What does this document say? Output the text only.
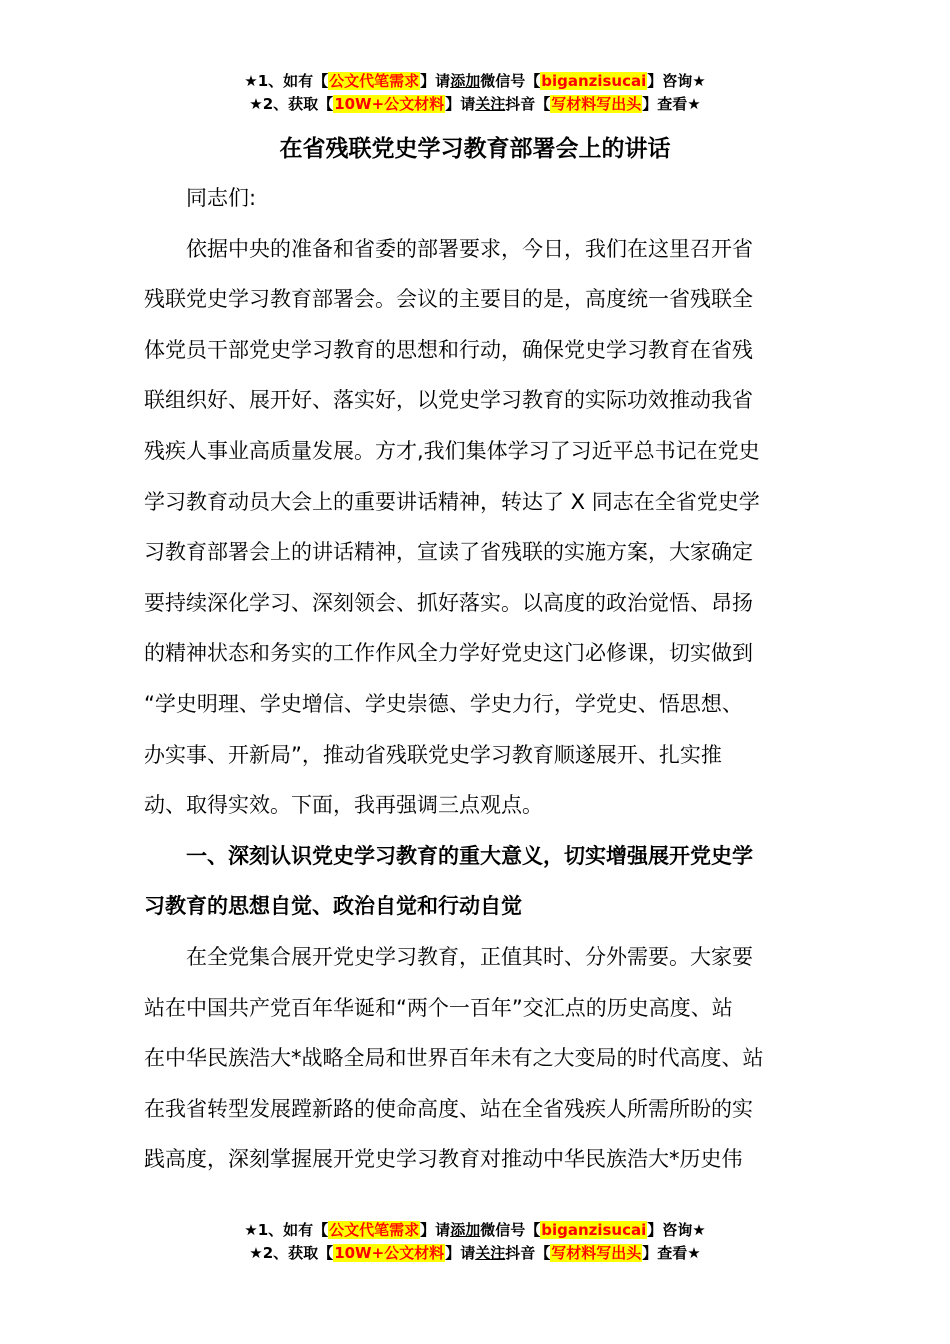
★1、如有【公文代笔需求】请添加微信号【biganzisucai】咨询★
★2、获取【10W+公文材料】请关注抖音【写材料写出头】查看★
在省残联党史学习教育部署会上的讲话
　　同志们:
　　依据中央的准备和省委的部署要求，今日，我们在这里召开省
残联党史学习教育部署会。会议的主要目的是，高度统一省残联全
体党员干部党史学习教育的思想和行动，确保党史学习教育在省残
联组织好、展开好、落实好，以党史学习教育的实际功效推动我省
残疾人事业高质量发展。方才,我们集体学习了习近平总书记在党史
学习教育动员大会上的重要讲话精神，转达了 X 同志在全省党史学
习教育部署会上的讲话精神，宣读了省残联的实施方案，大家确定
要持续深化学习、深刻领会、抓好落实。以高度的政治觉悟、昂扬
的精神状态和务实的工作作风全力学好党史这门必修课，切实做到
“学史明理、学史增信、学史崇德、学史力行，学党史、悟思想、
办实事、开新局”，推动省残联党史学习教育顺遂展开、扎实推
动、取得实效。下面，我再强调三点观点。
　　一、深刻认识党史学习教育的重大意义，切实增强展开党史学
习教育的思想自觉、政治自觉和行动自觉
　　在全党集合展开党史学习教育，正值其时、分外需要。大家要
站在中国共产党百年华诞和“两个一百年”交汇点的历史高度、站
在中华民族浩大*战略全局和世界百年未有之大变局的时代高度、站
在我省转型发展蹚新路的使命高度、站在全省残疾人所需所盼的实
践高度，深刻掌握展开党史学习教育对推动中华民族浩大*历史伟
★1、如有【公文代笔需求】请添加微信号【biganzisucai】咨询★
★2、获取【10W+公文材料】请关注抖音【写材料写出头】查看★
